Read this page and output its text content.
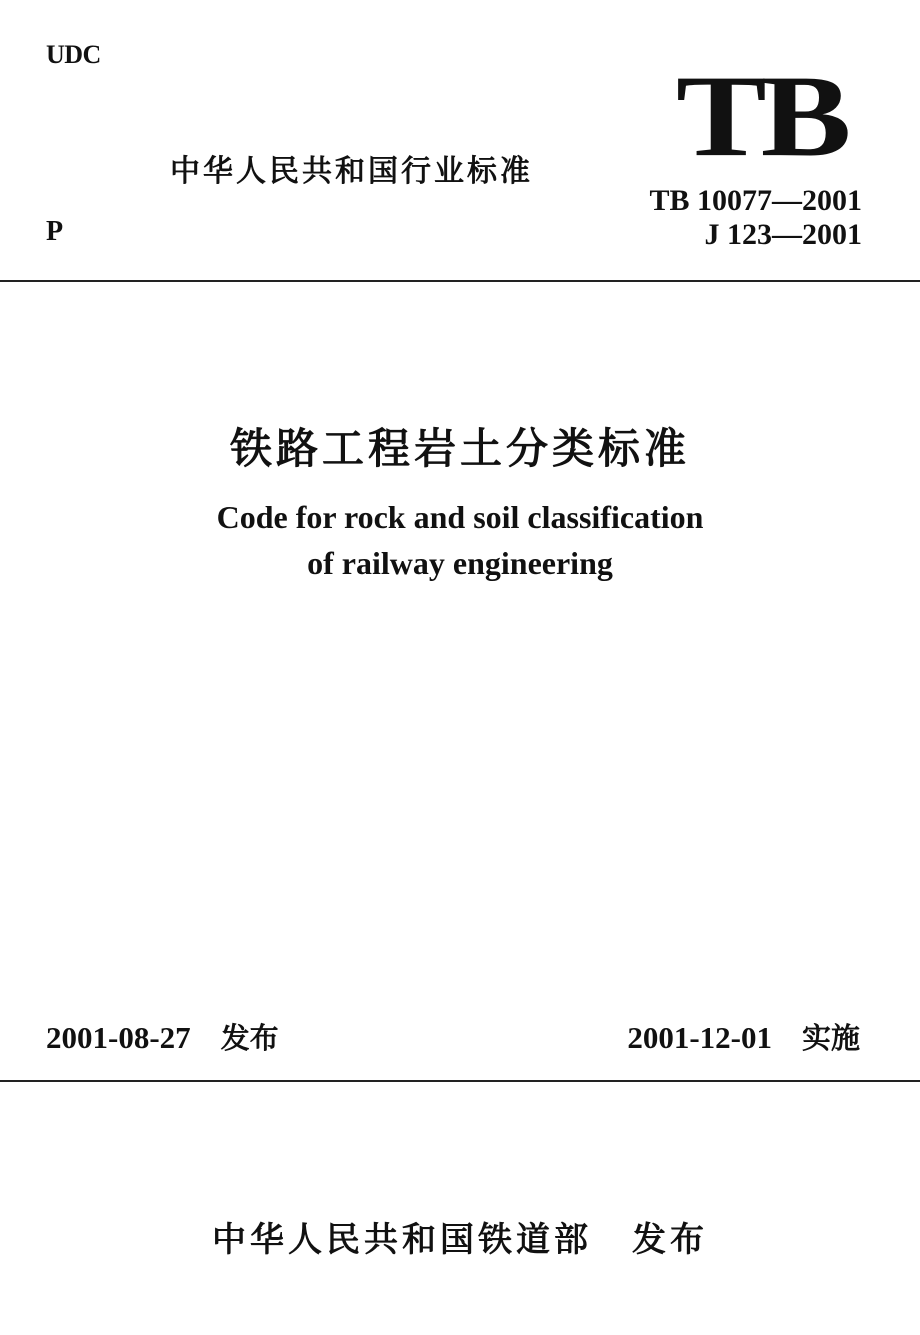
UDC	TB
中华人民共和国行业标准
P
TB 10077—2001
J 123—2001
铁路工程岩土分类标准
Code for rock and soil classification
of railway engineering
2001-08-27 发布	2001-12-01 实施
中华人民共和国铁道部 发布
